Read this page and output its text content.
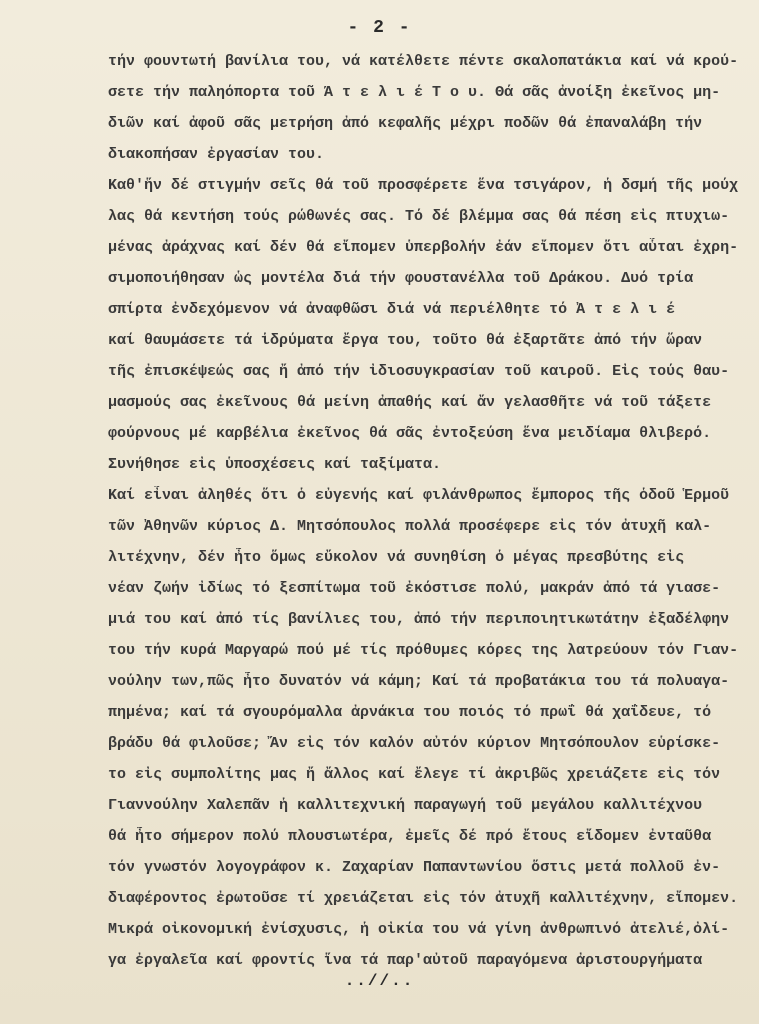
- 2 -
τήν φουντωτή βανίλια του, νά κατέλθετε πέντε σκαλοπατάκια καί νά κρού-
σετε τήν παληόπορτα τοῦ Ά τ ε λ ι έ Τ ο υ. Θά σᾶς ἀνοίξη ἐκεῖνος μη-
διῶν καί ἀφοῦ σᾶς μετρήση ἀπό κεφαλῆς μέχρι ποδῶν θά ἐπαναλάβη τήν
διακοπήσαν ἐργασίαν του.
Καθ'ἥν δέ στιγμήν σεῖς θά τοῦ προσφέρετε ἕνα τσιγάρον, ἡ δσμή τῆς μούχ
λας θά κεντήση τούς ρώθωνές σας. Τό δέ βλέμμα σας θά πέση εἰς πτυχιω-
μένας ἀράχνας καί δέν θά εἴπομεν ὑπερβολήν ἐάν εἴπομεν ὅτι αὗται ἐχρη-
σιμοποιήθησαν ὡς μοντέλα διά τήν φουστανέλλα τοῦ Δράκου. Δυό τρία
σπίρτα ἐνδεχόμενον νά ἀναφθῶσι διά νά περιέλθητε τό Ἀ τ ε λ ι έ
καί θαυμάσετε τά ἱδρύματα ἔργα του, τοῦτο θά ἐξαρτᾶτε ἀπό τήν ὥραν
τῆς ἐπισκέψεώς σας ἤ ἀπό τήν ἰδιοσυγκρασίαν τοῦ καιροῦ. Εἰς τούς θαυ-
μασμούς σας ἐκεῖνους θά μείνη ἀπαθής καί ἄν γελασθῆτε νά τοῦ τάξετε
φούρνους μέ καρβέλια ἐκεῖνος θά σᾶς ἐντοξεύση ἕνα μειδίαμα θλιβερό.
Συνήθησε εἰς ὑποσχέσεις καί ταξίματα.
Καί εἶναι ἀληθές ὅτι ὁ εὐγενής καί φιλάνθρωπος ἔμπορος τῆς ὁδοῦ Ἑρμοῦ
τῶν Ἀθηνῶν κύριος Δ. Μητσόπουλος πολλά προσέφερε εἰς τόν ἀτυχῆ καλ-
λιτέχνην, δέν ἦτο ὅμως εὔκολον νά συνηθίση ὁ μέγας πρεσβύτης εἰς
νέαν ζωήν ἰδίως τό ξεσπίτωμα τοῦ ἐκόστισε πολύ, μακράν ἀπό τά γιασε-
μιά του καί ἀπό τίς βανίλιες του, ἀπό τήν περιποιητικωτάτην ἐξαδέλφην
του τήν κυρά Μαργαρώ πού μέ τίς πρόθυμες κόρες της λατρεύουν τόν Γιαν-
νούλην των,πῶς ἦτο δυνατόν νά κάμη; Καί τά προβατάκια του τά πολυαγα-
πημένα; καί τά σγουρόμαλλα ἀρνάκια του ποιός τό πρωΐ θά χαΐδευε, τό
βράδυ θά φιλοῦσε; Ἄν εἰς τόν καλόν αὐτόν κύριον Μητσόπουλον εὑρίσκε-
το εἰς συμπολίτης μας ἤ ἄλλος καί ἔλεγε τί ἀκριβῶς χρειάζετε εἰς τόν
Γιαννούλην Χαλεπᾶν ἡ καλλιτεχνική παραγωγή τοῦ μεγάλου καλλιτέχνου
θά ἦτο σήμερον πολύ πλουσιωτέρα, ἐμεῖς δέ πρό ἔτους εἴδομεν ἐνταῦθα
τόν γνωστόν λογογράφον κ. Ζαχαρίαν Παπαντωνίου ὅστις μετά πολλοῦ ἐν-
διαφέροντος ἐρωτοῦσε τί χρειάζεται εἰς τόν ἀτυχῆ καλλιτέχνην, εἴπομεν.
Μικρά οἰκονομική ἐνίσχυσις, ἡ οἰκία του νά γίνη ἀνθρωπινό ἀτελιέ,ὀλί-
γα ἐργαλεῖα καί φροντίς ἵνα τά παρ'αὐτοῦ παραγόμενα ἀριστουργήματα
..//..
